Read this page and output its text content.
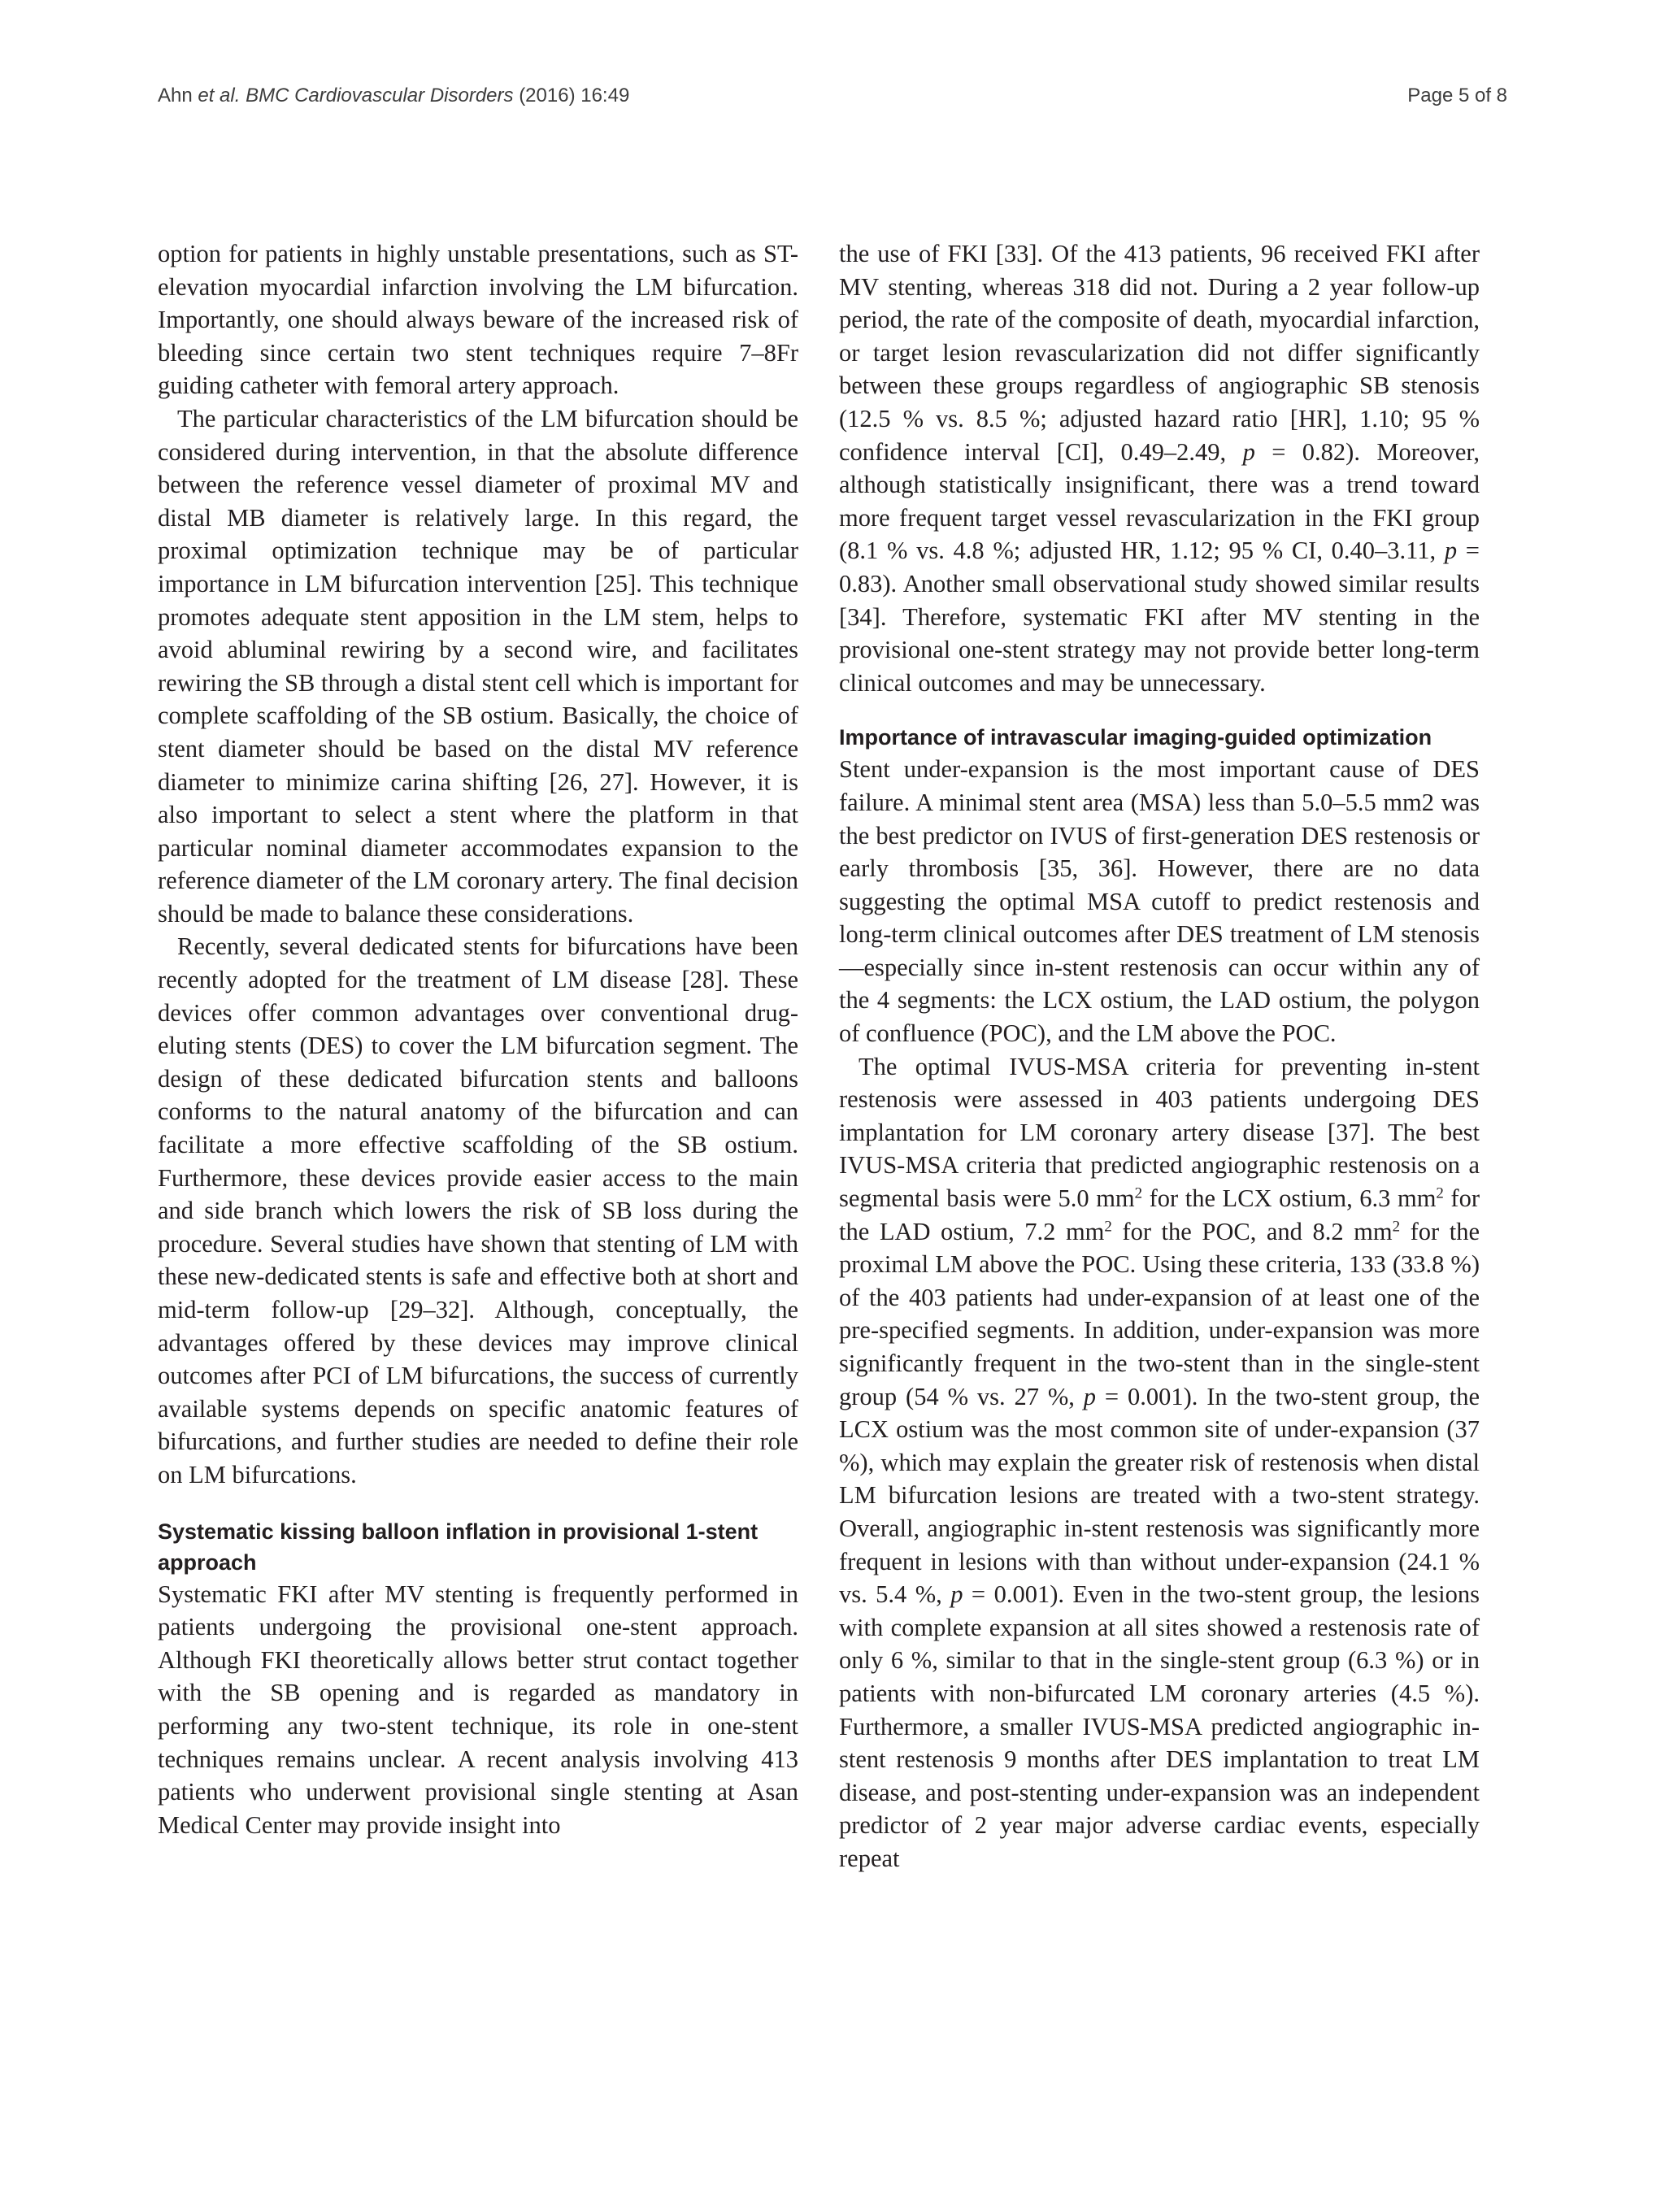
Ahn et al. BMC Cardiovascular Disorders (2016) 16:49	Page 5 of 8

option for patients in highly unstable presentations, such as ST-elevation myocardial infarction involving the LM bifurcation. Importantly, one should always beware of the increased risk of bleeding since certain two stent techniques require 7–8Fr guiding catheter with femoral artery approach.

The particular characteristics of the LM bifurcation should be considered during intervention, in that the absolute difference between the reference vessel diameter of proximal MV and distal MB diameter is relatively large. In this regard, the proximal optimization technique may be of particular importance in LM bifurcation intervention [25]. This technique promotes adequate stent apposition in the LM stem, helps to avoid abluminal rewiring by a second wire, and facilitates rewiring the SB through a distal stent cell which is important for complete scaffolding of the SB ostium. Basically, the choice of stent diameter should be based on the distal MV reference diameter to minimize carina shifting [26, 27]. However, it is also important to select a stent where the platform in that particular nominal diameter accommodates expansion to the reference diameter of the LM coronary artery. The final decision should be made to balance these considerations.

Recently, several dedicated stents for bifurcations have been recently adopted for the treatment of LM disease [28]. These devices offer common advantages over conventional drug-eluting stents (DES) to cover the LM bifurcation segment. The design of these dedicated bifurcation stents and balloons conforms to the natural anatomy of the bifurcation and can facilitate a more effective scaffolding of the SB ostium. Furthermore, these devices provide easier access to the main and side branch which lowers the risk of SB loss during the procedure. Several studies have shown that stenting of LM with these new-dedicated stents is safe and effective both at short and mid-term follow-up [29–32]. Although, conceptually, the advantages offered by these devices may improve clinical outcomes after PCI of LM bifurcations, the success of currently available systems depends on specific anatomic features of bifurcations, and further studies are needed to define their role on LM bifurcations.

Systematic kissing balloon inflation in provisional 1-stent approach

Systematic FKI after MV stenting is frequently performed in patients undergoing the provisional one-stent approach. Although FKI theoretically allows better strut contact together with the SB opening and is regarded as mandatory in performing any two-stent technique, its role in one-stent techniques remains unclear. A recent analysis involving 413 patients who underwent provisional single stenting at Asan Medical Center may provide insight into

the use of FKI [33]. Of the 413 patients, 96 received FKI after MV stenting, whereas 318 did not. During a 2 year follow-up period, the rate of the composite of death, myocardial infarction, or target lesion revascularization did not differ significantly between these groups regardless of angiographic SB stenosis (12.5 % vs. 8.5 %; adjusted hazard ratio [HR], 1.10; 95 % confidence interval [CI], 0.49–2.49, p = 0.82). Moreover, although statistically insignificant, there was a trend toward more frequent target vessel revascularization in the FKI group (8.1 % vs. 4.8 %; adjusted HR, 1.12; 95 % CI, 0.40–3.11, p = 0.83). Another small observational study showed similar results [34]. Therefore, systematic FKI after MV stenting in the provisional one-stent strategy may not provide better long-term clinical outcomes and may be unnecessary.

Importance of intravascular imaging-guided optimization

Stent under-expansion is the most important cause of DES failure. A minimal stent area (MSA) less than 5.0–5.5 mm2 was the best predictor on IVUS of first-generation DES restenosis or early thrombosis [35, 36]. However, there are no data suggesting the optimal MSA cutoff to predict restenosis and long-term clinical outcomes after DES treatment of LM stenosis—especially since in-stent restenosis can occur within any of the 4 segments: the LCX ostium, the LAD ostium, the polygon of confluence (POC), and the LM above the POC.

The optimal IVUS-MSA criteria for preventing in-stent restenosis were assessed in 403 patients undergoing DES implantation for LM coronary artery disease [37]. The best IVUS-MSA criteria that predicted angiographic restenosis on a segmental basis were 5.0 $mm^2$ for the LCX ostium, 6.3 $mm^2$ for the LAD ostium, 7.2 $mm^2$ for the POC, and 8.2 $mm^2$ for the proximal LM above the POC. Using these criteria, 133 (33.8 %) of the 403 patients had under-expansion of at least one of the pre-specified segments. In addition, under-expansion was more significantly frequent in the two-stent than in the single-stent group (54 % vs. 27 %, p = 0.001). In the two-stent group, the LCX ostium was the most common site of under-expansion (37 %), which may explain the greater risk of restenosis when distal LM bifurcation lesions are treated with a two-stent strategy. Overall, angiographic in-stent restenosis was significantly more frequent in lesions with than without under-expansion (24.1 % vs. 5.4 %, p = 0.001). Even in the two-stent group, the lesions with complete expansion at all sites showed a restenosis rate of only 6 %, similar to that in the single-stent group (6.3 %) or in patients with non-bifurcated LM coronary arteries (4.5 %). Furthermore, a smaller IVUS-MSA predicted angiographic in-stent restenosis 9 months after DES implantation to treat LM disease, and post-stenting under-expansion was an independent predictor of 2 year major adverse cardiac events, especially repeat
